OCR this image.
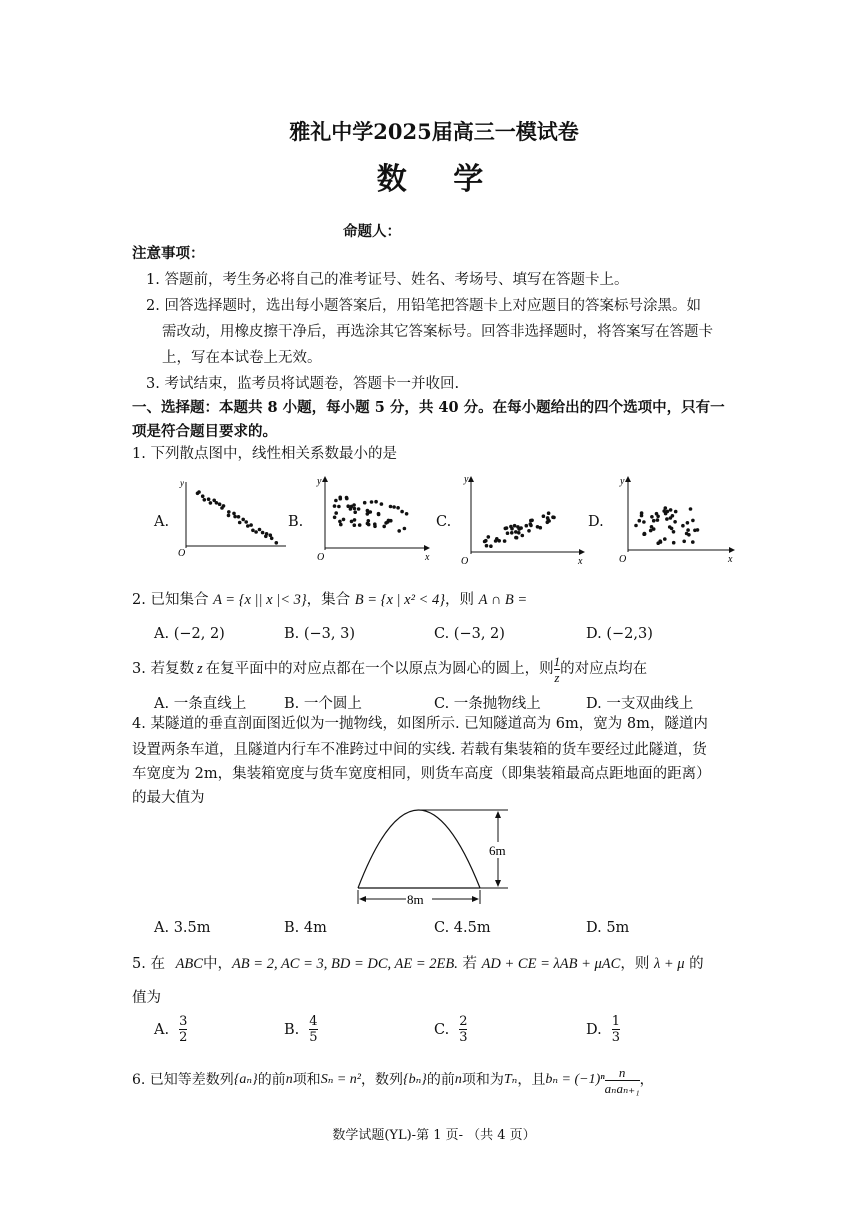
雅礼中学2025届高三一模试卷
数 学
命题人：
注意事项：
1. 答题前，考生务必将自己的准考证号、姓名、考场号、填写在答题卡上。
2. 回答选择题时，选出每小题答案后，用铅笔把答题卡上对应题目的答案标号涂黑。如
需改动，用橡皮擦干净后，再选涂其它答案标号。回答非选择题时，将答案写在答题卡
上，写在本试卷上无效。
3. 考试结束，监考员将试题卷，答题卡一并收回.
一、选择题：本题共 8 小题，每小题 5 分，共 40 分。在每小题给出的四个选项中，只有一
项是符合题目要求的。
1. 下列散点图中，线性相关系数最小的是
A.	B.	C.	D.
y
O
y
x
O
y
x
O
y
x
O
2. 已知集合 A = {x || x |< 3}，集合 B = {x | x² < 4}，则 A ∩ B =
A. (−2, 2)	B. (−3, 3)	C. (−3, 2)	D. (−2,3)
3. 若复数 z 在复平面中的对应点都在一个以原点为圆心的圆上，则 $\frac{1}{z}$ 的对应点均在
A. 一条直线上	B. 一个圆上	C. 一条抛物线上	D. 一支双曲线上
4. 某隧道的垂直剖面图近似为一抛物线，如图所示. 已知隧道高为 6m，宽为 8m，隧道内
设置两条车道，且隧道内行车不准跨过中间的实线. 若载有集装箱的货车要经过此隧道，货
车宽度为 2m，集装箱宽度与货车宽度相同，则货车高度（即集装箱最高点距地面的距离）
的最大值为
6m
8m
A. 3.5m	B. 4m	C. 4.5m	D. 5m
5. 在 ABC中，AB = 2, AC = 3, BD = DC, AE = 2EB. 若 AD + CE = λAB + μAC，则 λ + μ 的
值为
A. $\frac{3}{2}$	B. $\frac{4}{5}$	C. $\frac{2}{3}$	D. $\frac{1}{3}$
6. 已知等差数列 {aₙ} 的前 n 项和 Sₙ = n² ，数列 {bₙ} 的前 n 项和为 Tₙ ，且 $b_n = (-1)^n \frac{n}{\text{aₙaₙ₊₁}}$ ，
数学试题(YL)-第 1 页- （共 4 页）
